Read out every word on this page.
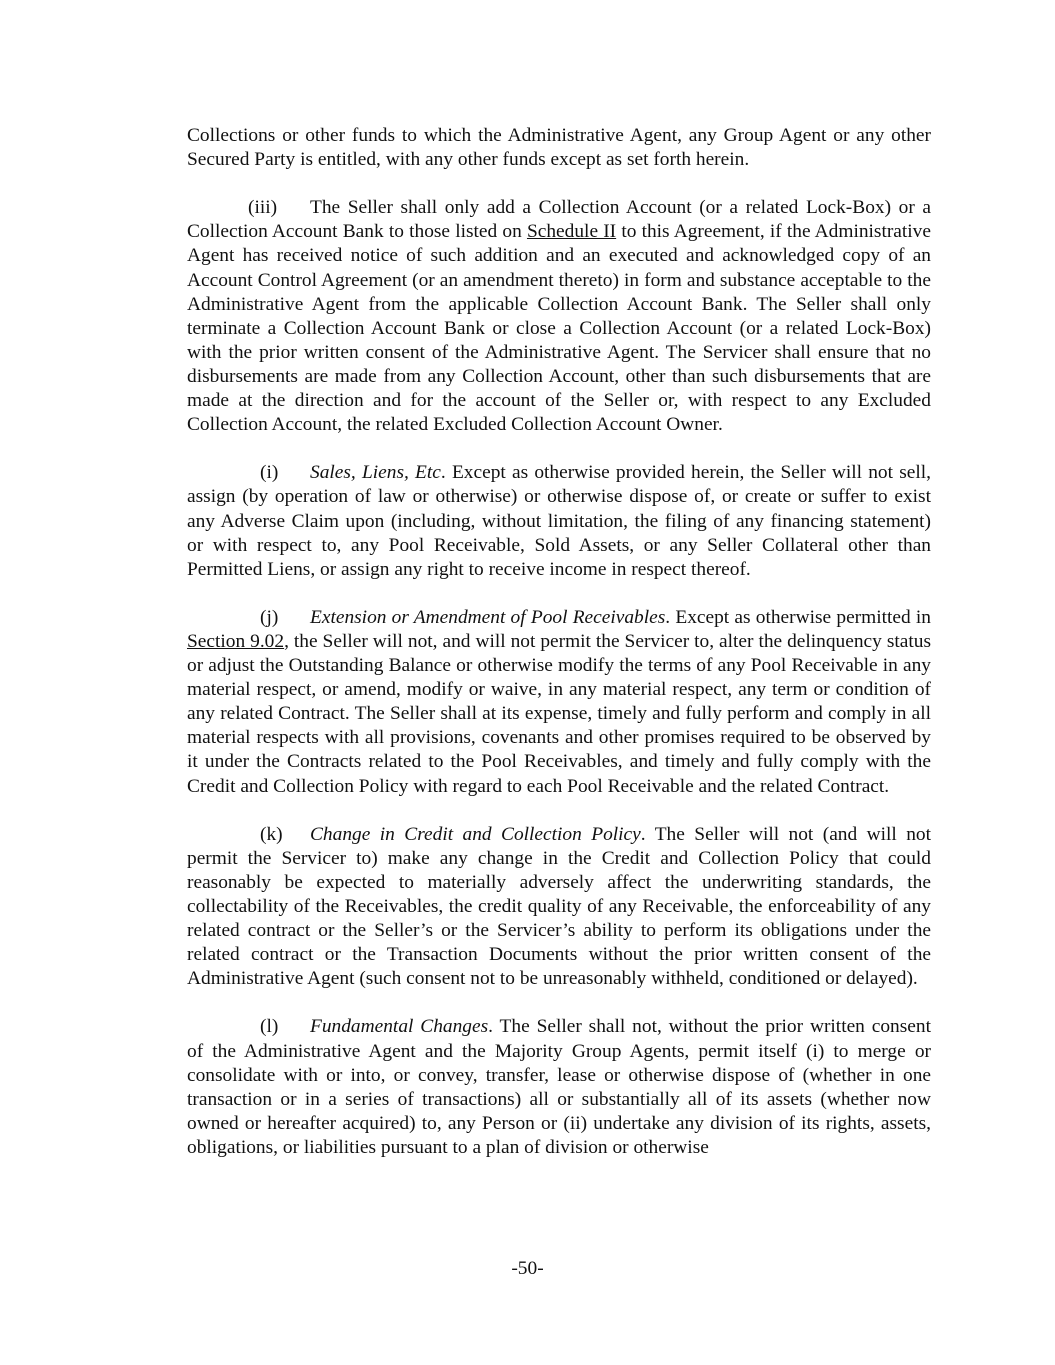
Collections or other funds to which the Administrative Agent, any Group Agent or any other Secured Party is entitled, with any other funds except as set forth herein.

(iii) The Seller shall only add a Collection Account (or a related Lock-Box) or a Collection Account Bank to those listed on Schedule II to this Agreement, if the Administrative Agent has received notice of such addition and an executed and acknowledged copy of an Account Control Agreement (or an amendment thereto) in form and substance acceptable to the Administrative Agent from the applicable Collection Account Bank. The Seller shall only terminate a Collection Account Bank or close a Collection Account (or a related Lock-Box) with the prior written consent of the Administrative Agent. The Servicer shall ensure that no disbursements are made from any Collection Account, other than such disbursements that are made at the direction and for the account of the Seller or, with respect to any Excluded Collection Account, the related Excluded Collection Account Owner.

(i) Sales, Liens, Etc. Except as otherwise provided herein, the Seller will not sell, assign (by operation of law or otherwise) or otherwise dispose of, or create or suffer to exist any Adverse Claim upon (including, without limitation, the filing of any financing statement) or with respect to, any Pool Receivable, Sold Assets, or any Seller Collateral other than Permitted Liens, or assign any right to receive income in respect thereof.

(j) Extension or Amendment of Pool Receivables. Except as otherwise permitted in Section 9.02, the Seller will not, and will not permit the Servicer to, alter the delinquency status or adjust the Outstanding Balance or otherwise modify the terms of any Pool Receivable in any material respect, or amend, modify or waive, in any material respect, any term or condition of any related Contract. The Seller shall at its expense, timely and fully perform and comply in all material respects with all provisions, covenants and other promises required to be observed by it under the Contracts related to the Pool Receivables, and timely and fully comply with the Credit and Collection Policy with regard to each Pool Receivable and the related Contract.

(k) Change in Credit and Collection Policy. The Seller will not (and will not permit the Servicer to) make any change in the Credit and Collection Policy that could reasonably be expected to materially adversely affect the underwriting standards, the collectability of the Receivables, the credit quality of any Receivable, the enforceability of any related contract or the Seller’s or the Servicer’s ability to perform its obligations under the related contract or the Transaction Documents without the prior written consent of the Administrative Agent (such consent not to be unreasonably withheld, conditioned or delayed).

(l) Fundamental Changes. The Seller shall not, without the prior written consent of the Administrative Agent and the Majority Group Agents, permit itself (i) to merge or consolidate with or into, or convey, transfer, lease or otherwise dispose of (whether in one transaction or in a series of transactions) all or substantially all of its assets (whether now owned or hereafter acquired) to, any Person or (ii) undertake any division of its rights, assets, obligations, or liabilities pursuant to a plan of division or otherwise

-50-
